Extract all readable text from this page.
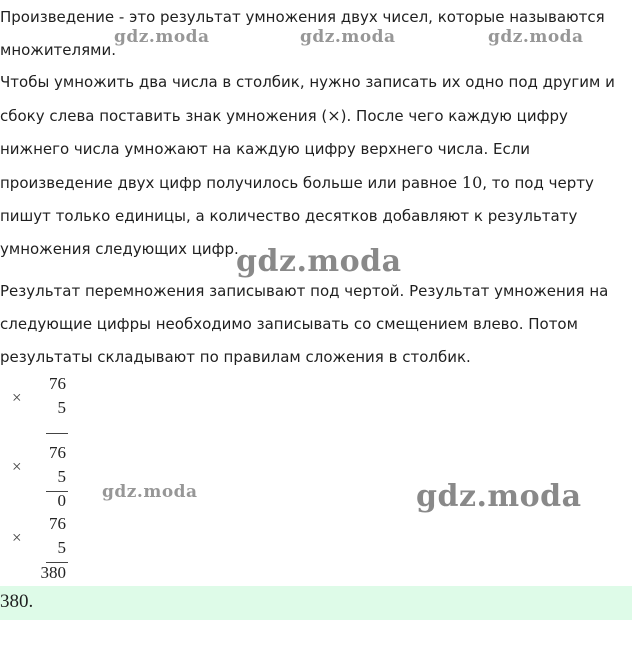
Произведение - это результат умножения двух чисел, которые называются
множителями.
Чтобы умножить два числа в столбик, нужно записать их одно под другим и
сбоку слева поставить знак умножения (×). После чего каждую цифру
нижнего числа умножают на каждую цифру верхнего числа. Если
произведение двух цифр получилось больше или равное 10, то под черту
пишут только единицы, а количество десятков добавляют к результату
умножения следующих цифр.
Результат перемножения записывают под чертой. Результат умножения на
следующие цифры необходимо записывать со смещением влево. Потом
результаты складывают по правилам сложения в столбик.
×
76
5
×
76
5
0
×
76
5
380
380.
gdz.moda	gdz.moda	gdz.moda
gdz.moda
gdz.moda	gdz.moda
